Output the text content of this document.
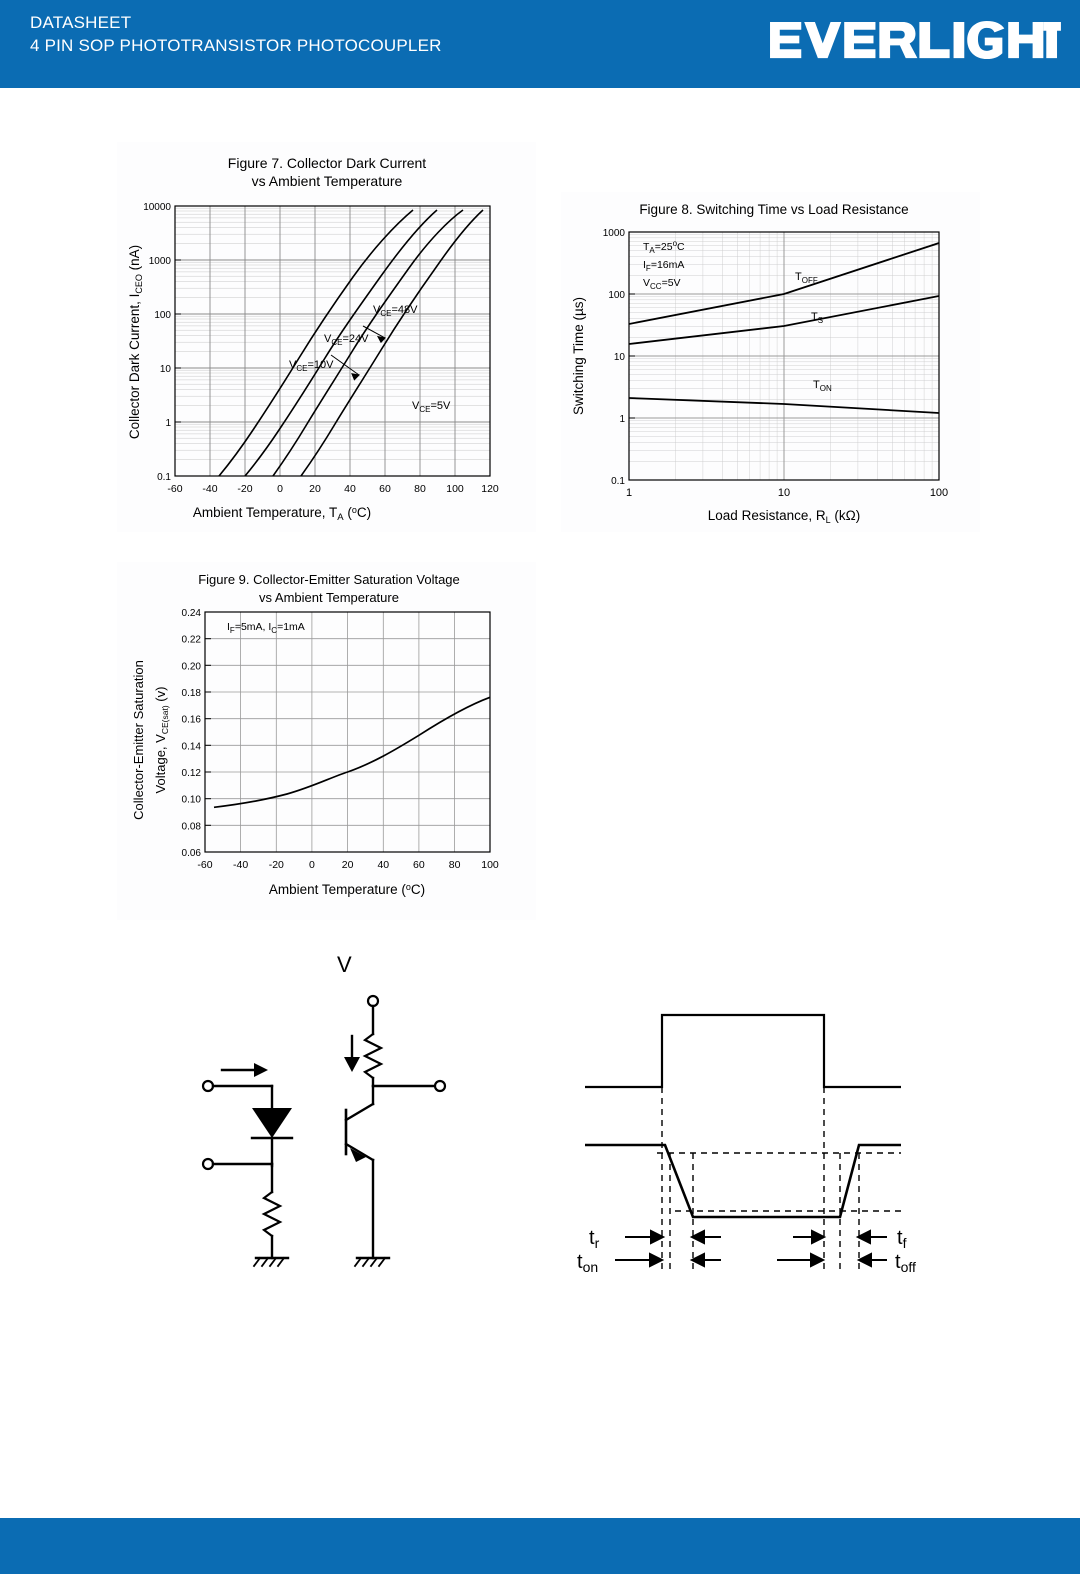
DATASHEET
4 PIN SOP PHOTOTRANSISTOR PHOTOCOUPLER
Figure 7. Collector Dark Current
vs Ambient Temperature
10000
1000
100
10
1
0.1
-60 -40 -20 0 20 40 60 80 100 120
Ambient Temperature, $T_A$ ($^o$C)
Collector Dark Current, $I_{CEO}$ (nA)
$V_{CE}=48V$
$V_{CE}=24V$
$V_{CE}=10V$
$V_{CE}=5V$
Figure 8. Switching Time vs Load Resistance
1000
100
10
1
0.1
1	10	100
Load Resistance, $R_L$ (kΩ)
Switching Time (µs)
$T_A=25^oC$
$I_F=16mA$
$V_{CC}=5V$	$T_{OFF}$
$T_S$
$T_{ON}$
Figure 9. Collector-Emitter Saturation Voltage
vs Ambient Temperature
0.24
0.22
0.20
0.18
0.16
0.14
0.12
0.10
0.08
0.06
-60 -40 -20 0	20 40 60 80 100
Ambient Temperature ($^o$C)
Collector-Emitter Saturation Voltage, $V_{CE(sat)}$ (v)
$I_F=5mA$, $I_C=1mA$
V
$t_r$
$t_{on}$
$t_f$
$t_{off}$
